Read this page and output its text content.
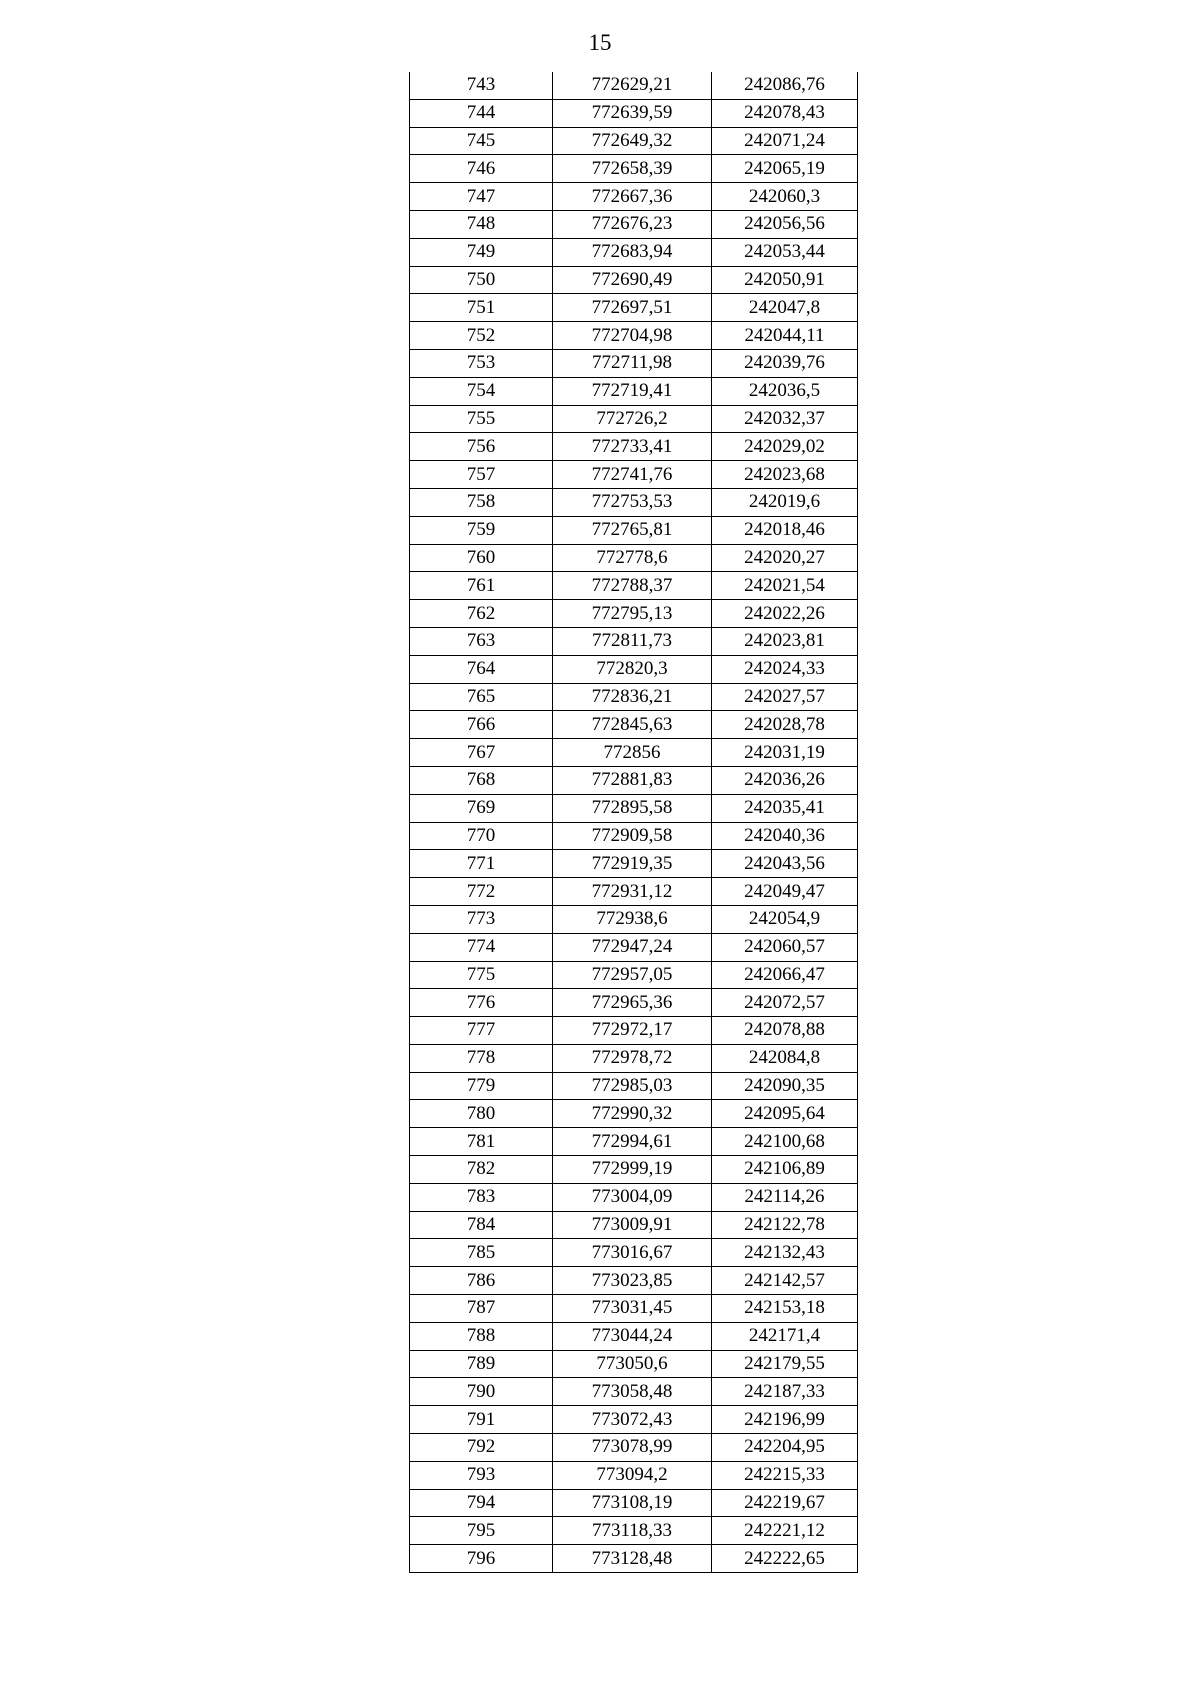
15
743	772629,21	242086,76
744	772639,59	242078,43
745	772649,32	242071,24
746	772658,39	242065,19
747	772667,36	242060,3
748	772676,23	242056,56
749	772683,94	242053,44
750	772690,49	242050,91
751	772697,51	242047,8
752	772704,98	242044,11
753	772711,98	242039,76
754	772719,41	242036,5
755	772726,2	242032,37
756	772733,41	242029,02
757	772741,76	242023,68
758	772753,53	242019,6
759	772765,81	242018,46
760	772778,6	242020,27
761	772788,37	242021,54
762	772795,13	242022,26
763	772811,73	242023,81
764	772820,3	242024,33
765	772836,21	242027,57
766	772845,63	242028,78
767	772856	242031,19
768	772881,83	242036,26
769	772895,58	242035,41
770	772909,58	242040,36
771	772919,35	242043,56
772	772931,12	242049,47
773	772938,6	242054,9
774	772947,24	242060,57
775	772957,05	242066,47
776	772965,36	242072,57
777	772972,17	242078,88
778	772978,72	242084,8
779	772985,03	242090,35
780	772990,32	242095,64
781	772994,61	242100,68
782	772999,19	242106,89
783	773004,09	242114,26
784	773009,91	242122,78
785	773016,67	242132,43
786	773023,85	242142,57
787	773031,45	242153,18
788	773044,24	242171,4
789	773050,6	242179,55
790	773058,48	242187,33
791	773072,43	242196,99
792	773078,99	242204,95
793	773094,2	242215,33
794	773108,19	242219,67
795	773118,33	242221,12
796	773128,48	242222,65
